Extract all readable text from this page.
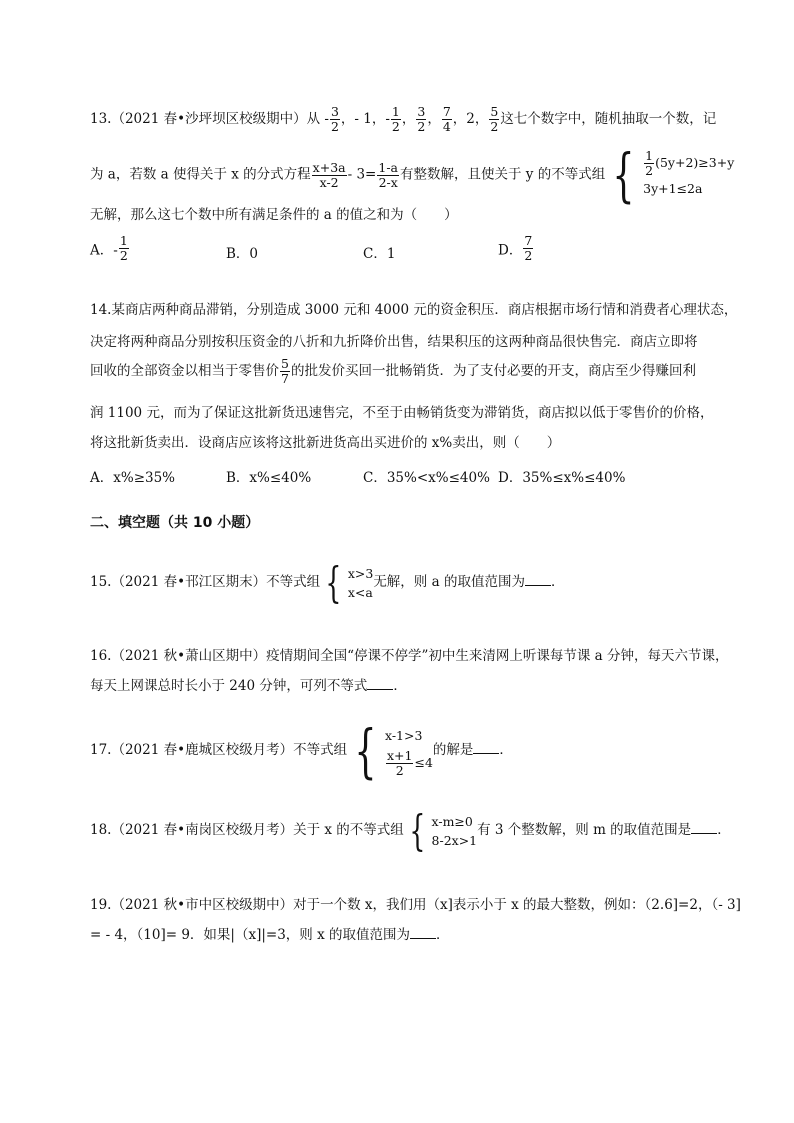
13.（2021 春•沙坪坝区校级期中）从 - $\frac{3}{2}$ ，- 1，- $\frac{1}{2}$ ， $\frac{3}{2}$ ， $\frac{7}{4}$ ，2， $\frac{5}{2}$ 这七个数字中，随机抽取一个数，记
为 a，若数 a 使得关于 x 的分式方程 $\frac{x+3a}{x-2} - 3= \frac{1-a}{2-x}$ 有整数解，且使关于 y 的不等式组 { $\frac{1}{2} (5y+2)\ge 3+y$
3y+1≤2a
无解，那么这七个数中所有满足条件的 a 的值之和为（　　）
A．- $\frac{1}{2}$	B．0	C．1	D． $\frac{7}{2}$
14.某商店两种商品滞销，分别造成 3000 元和 4000 元的资金积压．商店根据市场行情和消费者心理状态，
决定将两种商品分别按积压资金的八折和九折降价出售，结果积压的这两种商品很快售完．商店立即将
回收的全部资金以相当于零售价 $\frac{5}{7}$ 的批发价买回一批畅销货．为了支付必要的开支，商店至少得赚回利
润 1100 元，而为了保证这批新货迅速售完，不至于由畅销货变为滞销货，商店拟以低于零售价的价格，
将这批新货卖出．设商店应该将这批新进货高出买进价的 x%卖出，则（　　）
A．x%≥35%	B．x%≤40%	C．35%<x%≤40% D．35%≤x%≤40%
二、填空题（共 10 小题）
15.（2021 春•邗江区期末）不等式组 { x>3
x<a
无解，则 a 的取值范围为 ．
16.（2021 秋•萧山区期中）疫情期间全国“停课不停学”初中生来清网上听课每节课 a 分钟，每天六节课，
每天上网课总时长小于 240 分钟，可列不等式 ．
17.（2021 春•鹿城区校级月考）不等式组 { x-1>3
$\frac{x+1}{2} \le 4$
的解是 ．
18.（2021 春•南岗区校级月考）关于 x 的不等式组 { x-m≥0
8-2x>1
有 3 个整数解，则 m 的取值范围是 ．
19.（2021 秋•市中区校级期中）对于一个数 x，我们用（x]表示小于 x 的最大整数，例如：（2.6]=2，（- 3]
= - 4，（10]= 9．如果|（x]|=3，则 x 的取值范围为 ．
